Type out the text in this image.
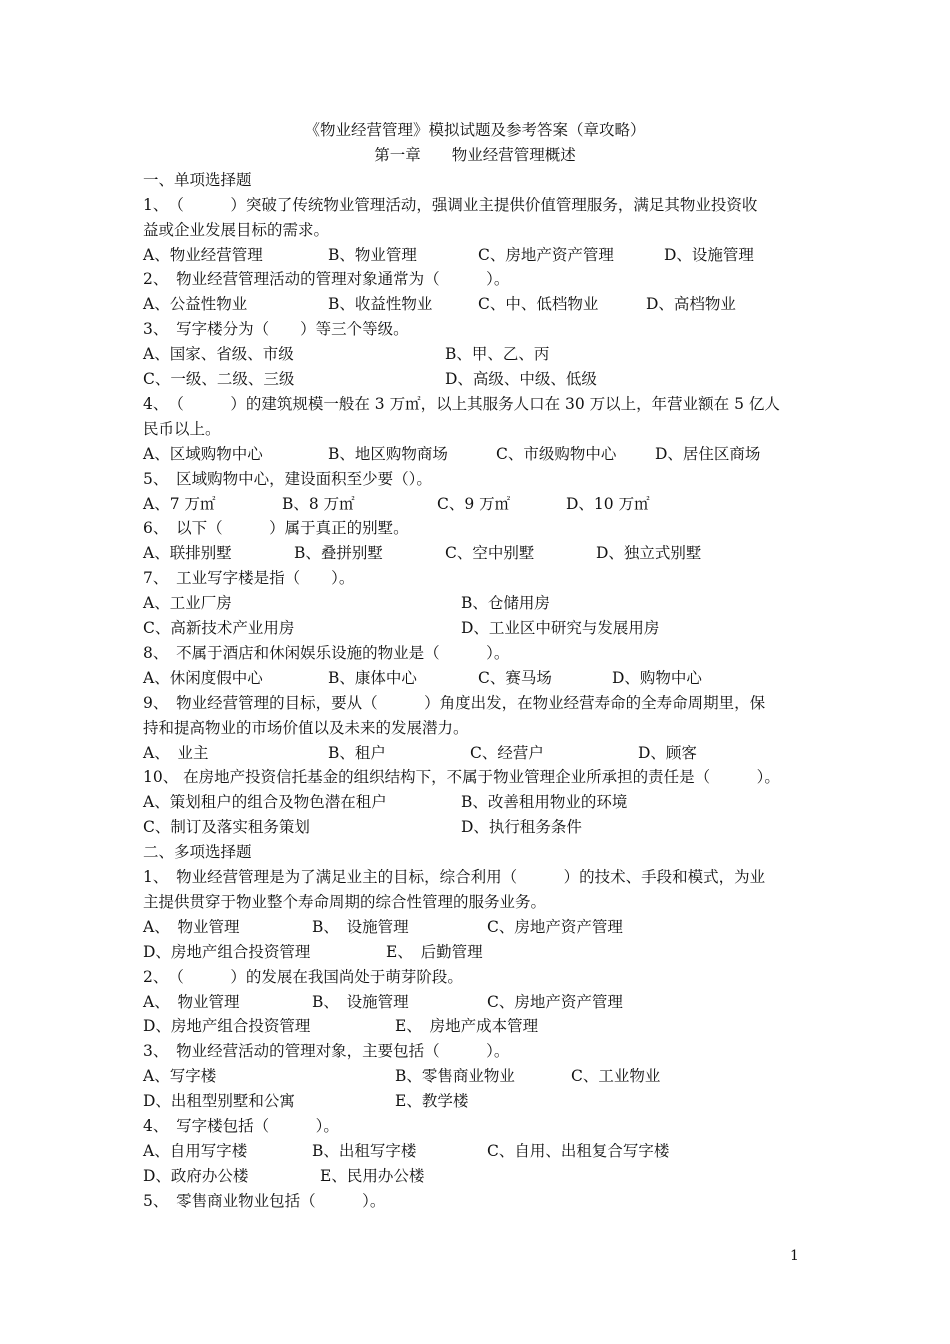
《物业经营管理》模拟试题及参考答案（章攻略）
第一章　　物业经营管理概述
一、单项选择题
1、　（　　　）突破了传统物业管理活动，强调业主提供价值管理服务，满足其物业投资收
益或企业发展目标的需求。
A、物业经营管理	B、物业管理	C、房地产资产管理	D、设施管理
2、　物业经营管理活动的管理对象通常为（　　　）。
A、公益性物业	B、收益性物业	C、中、低档物业	D、高档物业
3、　写字楼分为（　　）等三个等级。
A、国家、省级、市级	B、甲、乙、丙
C、一级、二级、三级	D、高级、中级、低级
4、　（　　　）的建筑规模一般在 3 万㎡，以上其服务人口在 30 万以上，年营业额在 5 亿人
民币以上。
A、区域购物中心	B、地区购物商场	C、市级购物中心 D、居住区商场
5、　区域购物中心，建设面积至少要（）。
A、7 万㎡	B、8 万㎡	C、9 万㎡	D、10 万㎡
6、　以下（　　　）属于真正的别墅。
A、联排别墅	B、叠拼别墅	C、空中别墅	D、独立式别墅
7、　工业写字楼是指（　　）。
A、工业厂房	B、仓储用房
C、高新技术产业用房	D、工业区中研究与发展用房
8、　不属于酒店和休闲娱乐设施的物业是（　　　）。
A、休闲度假中心	B、康体中心	C、赛马场	D、购物中心
9、　物业经营管理的目标，要从（　　　）角度出发，在物业经营寿命的全寿命周期里，保
持和提高物业的市场价值以及未来的发展潜力。
A、　业主	B、租户	C、经营户	D、顾客
10、 在房地产投资信托基金的组织结构下，不属于物业管理企业所承担的责任是（　　　）。
A、策划租户的组合及物色潜在租户	B、改善租用物业的环境
C、制订及落实租务策划	D、执行租务条件
二、多项选择题
1、　物业经营管理是为了满足业主的目标，综合利用（　　　）的技术、手段和模式，为业
主提供贯穿于物业整个寿命周期的综合性管理的服务业务。
A、　物业管理	B、　设施管理	C、房地产资产管理
D、房地产组合投资管理	E、　后勤管理
2、　（　　　）的发展在我国尚处于萌芽阶段。
A、　物业管理	B、　设施管理	C、房地产资产管理
D、房地产组合投资管理	E、　房地产成本管理
3、　物业经营活动的管理对象，主要包括（　　　）。
A、写字楼	B、零售商业物业	C、工业物业
D、出租型别墅和公寓	E、教学楼
4、　写字楼包括（　　　）。
A、自用写字楼	B、出租写字楼	C、自用、出租复合写字楼
D、政府办公楼	E、民用办公楼
5、　零售商业物业包括（　　　）。
1
